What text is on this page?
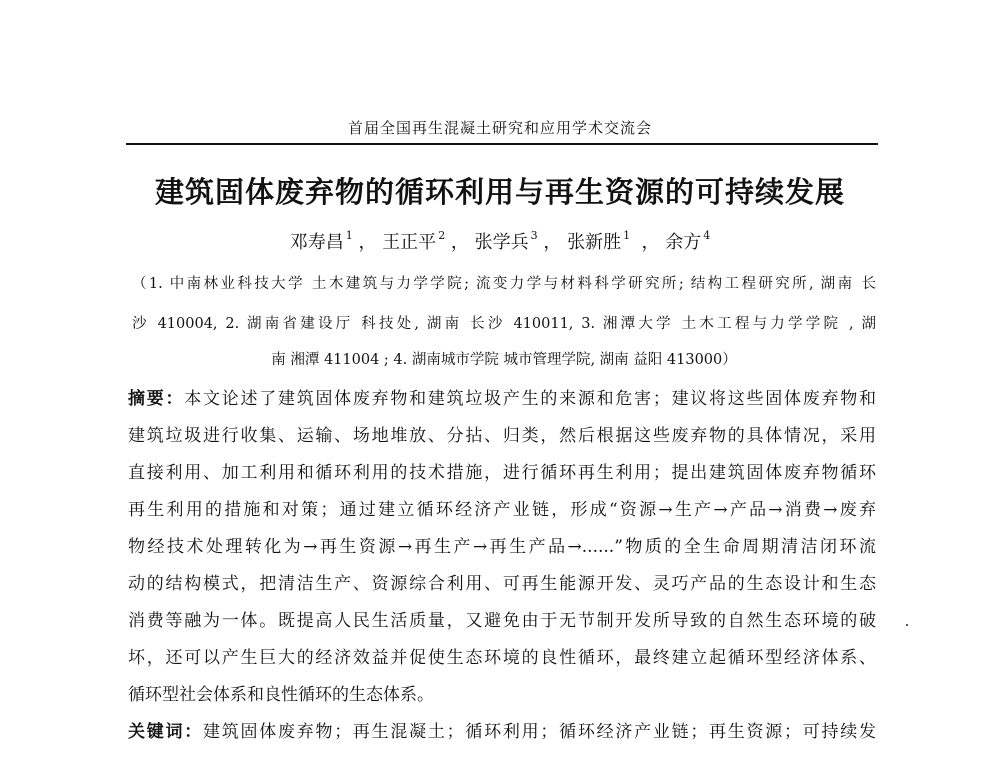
首届全国再生混凝土研究和应用学术交流会
建筑固体废弃物的循环利用与再生资源的可持续发展
邓寿昌 $^1$ ， 王正平 $^2$ ， 张学兵 $^3$ ， 张新胜 $^1$  ， 余方 $^4$
（1. 中南林业科技大学 土木建筑与力学学院; 流变力学与材料科学研究所; 结构工程研究所, 湖南 长
沙 410004, 2. 湖南省建设厅 科技处, 湖南 长沙 410011, 3. 湘潭大学 土木工程与力学学院 , 湖
南 湘潭 411004 ; 4. 湖南城市学院 城市管理学院, 湖南 益阳 413000）
摘要：本文论述了建筑固体废弃物和建筑垃圾产生的来源和危害；建议将这些固体废弃物和
建筑垃圾进行收集、运输、场地堆放、分拈、归类，然后根据这些废弃物的具体情况，采用
直接利用、加工利用和循环利用的技术措施，进行循环再生利用；提出建筑固体废弃物循环
再生利用的措施和对策；通过建立循环经济产业链，形成“资源→生产→产品→消费→废弃
物经技术处理转化为→再生资源→再生产→再生产品→......”物质的全生命周期清洁闭环流
动的结构模式，把清洁生产、资源综合利用、可再生能源开发、灵巧产品的生态设计和生态
消费等融为一体。既提高人民生活质量，又避免由于无节制开发所导致的自然生态环境的破
坏，还可以产生巨大的经济效益并促使生态环境的良性循环，最终建立起循环型经济体系、
循环型社会体系和良性循环的生态体系。
关键词：建筑固体废弃物；再生混凝土；循环利用；循环经济产业链；再生资源；可持续发
